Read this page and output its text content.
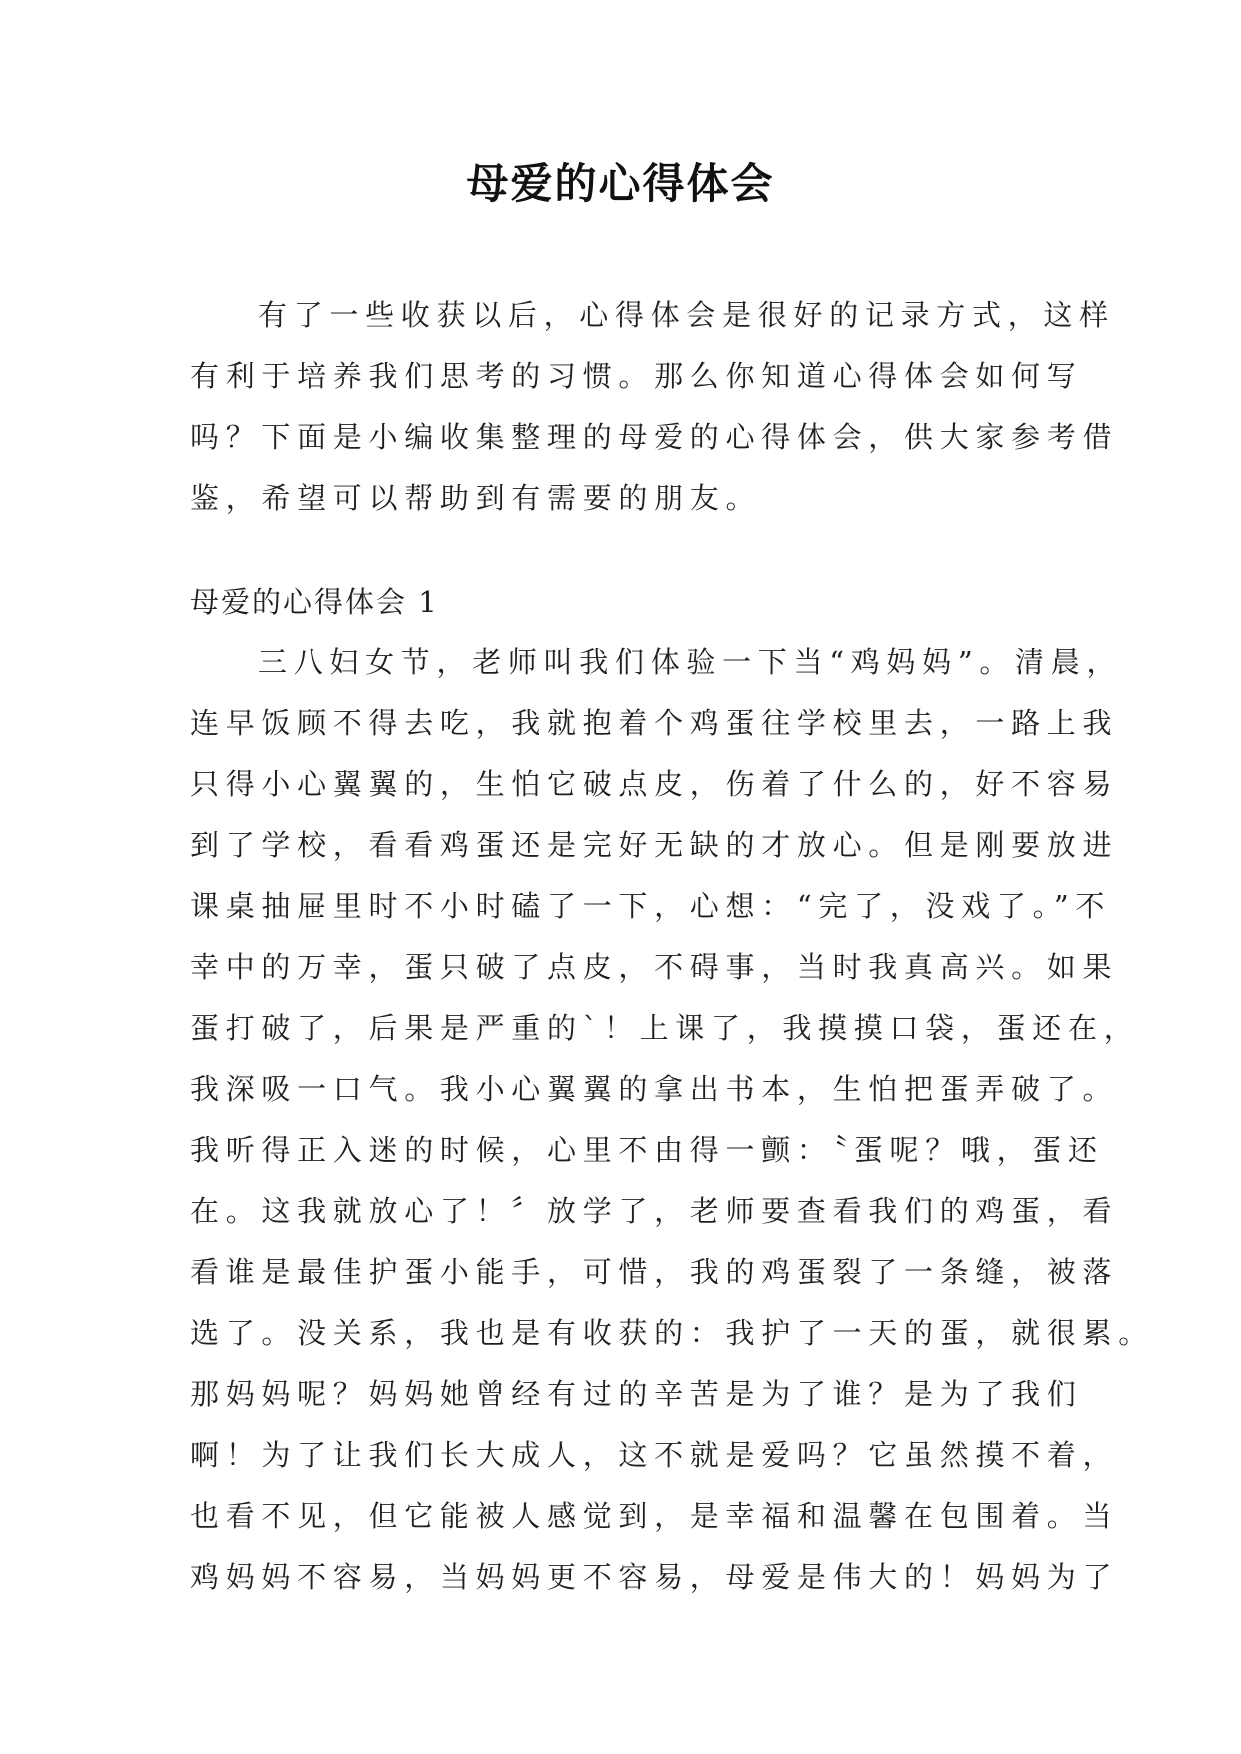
母爱的心得体会
有了一些收获以后，心得体会是很好的记录方式，这样
有利于培养我们思考的习惯。那么你知道心得体会如何写
吗？下面是小编收集整理的母爱的心得体会，供大家参考借
鉴，希望可以帮助到有需要的朋友。
母爱的心得体会 1
三八妇女节，老师叫我们体验一下当“鸡妈妈”。清晨，
连早饭顾不得去吃，我就抱着个鸡蛋往学校里去，一路上我
只得小心翼翼的，生怕它破点皮，伤着了什么的，好不容易
到了学校，看看鸡蛋还是完好无缺的才放心。但是刚要放进
课桌抽屉里时不小时磕了一下，心想：“完了，没戏了。”不
幸中的万幸，蛋只破了点皮，不碍事，当时我真高兴。如果
蛋打破了，后果是严重的`！上课了，我摸摸口袋，蛋还在，
我深吸一口气。我小心翼翼的拿出书本，生怕把蛋弄破了。
我听得正入迷的时候，心里不由得一颤：〝蛋呢？哦，蛋还
在。这我就放心了！〞放学了，老师要查看我们的鸡蛋，看
看谁是最佳护蛋小能手，可惜，我的鸡蛋裂了一条缝，被落
选了。没关系，我也是有收获的：我护了一天的蛋，就很累。
那妈妈呢？妈妈她曾经有过的辛苦是为了谁？是为了我们
啊！为了让我们长大成人，这不就是爱吗？它虽然摸不着，
也看不见，但它能被人感觉到，是幸福和温馨在包围着。当
鸡妈妈不容易，当妈妈更不容易，母爱是伟大的！妈妈为了
